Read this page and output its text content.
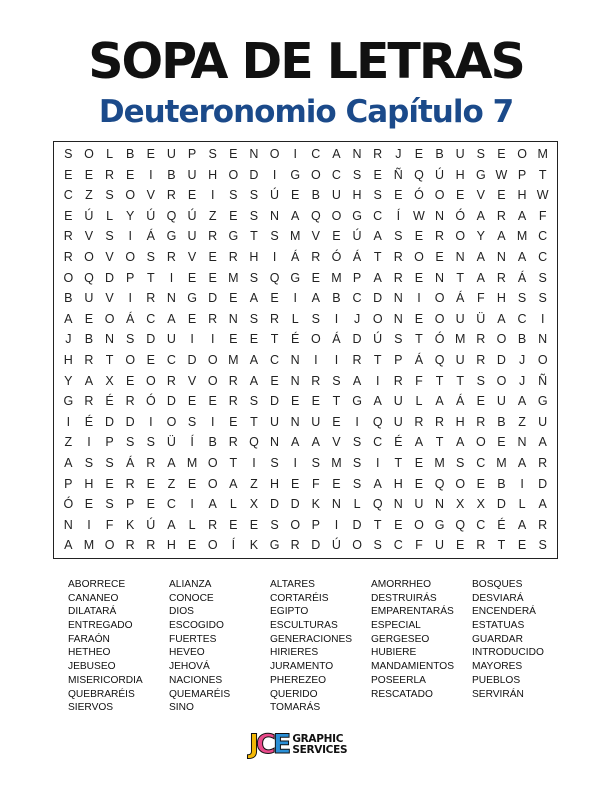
SOPA DE LETRAS
Deuteronomio Capítulo 7
S O L	B E U P S E N O	I	C A N R	J	E B U S E O M
E E R E	I	B U H O D	I	G O C S E Ñ Q Ú H G W P	T
C Z	S O V R E	I	S S Ú E B U H S E Ó O E V E H W
E Ú	L	Y Ú Q Ú Z	E S N A Q O G C	Í	W N Ó A R A	F
R V S	I	Á G U R G T	S M V E Ú A S E R O Y A M C
R O V O S R V E R H	I	Á R Ó Á	T R O E N A N A C
O Q D P	T	I	E E M S Q G E M P A R E N T	A R Á S
B U V	I	R N G D E A E	I	A B C D N	I	O Á	F H S S
A E O Á C A E R N S R	L	S	I	J	O N E O U Ü A C	I
J	B N S D U	I	I	E E	T	É O Á D Ú S	T Ó M R O B N
H R T O E C D O M A C N	I	I	R T	P Á Q U R D	J	O
Y A X E O R V O R A E N R S A	I	R F	T	T	S O	J	Ñ
G R É R Ó D E E R S D E E	T G A U	L	A Á E U A G
I	É D D	I	O S	I	E	T U N U E	I	Q U R R H R B	Z U
Z	I	P S S Ü	Í	B R Q N A A V S C É A	T	A O E N A
A S S Á R A M O T	I	S	I	S M S	I	T	E M S C M A R
P H E R E	Z	E O A	Z H E	F	E S A H E Q O E B	I	D
Ó E S P E C	I	A	L	X D D K N	L Q N U N X X D	L	A
N	I	F	K Ú A	L	R E E S O P	I	D T	E O G Q C É A R
A M O R R H E O	Í	K G R D Ú O S C F U E R T	E S
ABORRECE
CANANEO
DILATARÁ
ENTREGADO
FARAÓN
HETHEO
JEBUSEO
MISERICORDIA
QUEBRARÉIS
SIERVOS
ALIANZA
CONOCE
DIOS
ESCOGIDO
FUERTES
HEVEO
JEHOVÁ
NACIONES
QUEMARÉIS
SINO
ALTARES
CORTARÉIS
EGIPTO
ESCULTURAS
GENERACIONES
HIRIERES
JURAMENTO
PHEREZEO
QUERIDO
TOMARÁS
AMORRHEO
DESTRUIRÁS
EMPARENTARÁS
ESPECIAL
GERGESEO
HUBIERE
MANDAMIENTOS
POSEERLA
RESCATADO
BOSQUES
DESVIARÁ
ENCENDERÁ
ESTATUAS
GUARDAR
INTRODUCIDO
MAYORES
PUEBLOS
SERVIRÁN
JCE GRAPHIC
SERVICES
